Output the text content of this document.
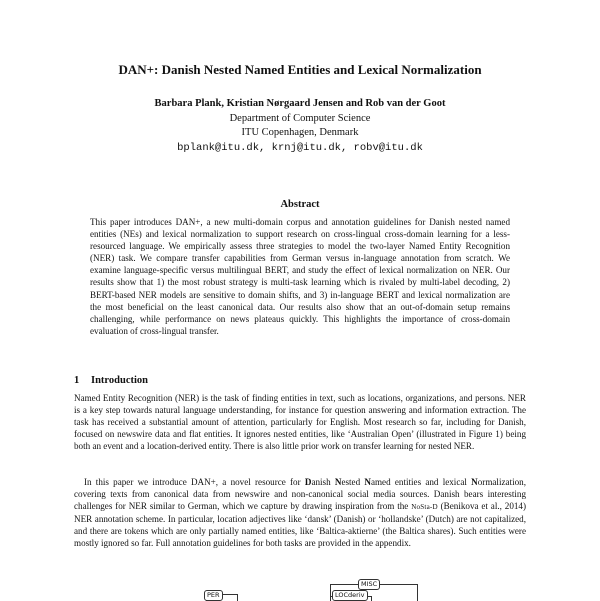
DAN+: Danish Nested Named Entities and Lexical Normalization
Barbara Plank, Kristian Nørgaard Jensen and Rob van der Goot
Department of Computer Science
ITU Copenhagen, Denmark
bplank@itu.dk, krnj@itu.dk, robv@itu.dk
Abstract
This paper introduces DAN+, a new multi-domain corpus and annotation guidelines for Danish nested named entities (NEs) and lexical normalization to support research on cross-lingual cross-domain learning for a less-resourced language. We empirically assess three strategies to model the two-layer Named Entity Recognition (NER) task. We compare transfer capabilities from German versus in-language annotation from scratch. We examine language-specific versus multilingual BERT, and study the effect of lexical normalization on NER. Our results show that 1) the most robust strategy is multi-task learning which is rivaled by multi-label decoding, 2) BERT-based NER models are sensitive to domain shifts, and 3) in-language BERT and lexical normalization are the most beneficial on the least canonical data. Our results also show that an out-of-domain setup remains challenging, while performance on news plateaus quickly. This highlights the importance of cross-domain evaluation of cross-lingual transfer.
1 Introduction
Named Entity Recognition (NER) is the task of finding entities in text, such as locations, organizations, and persons. NER is a key step towards natural language understanding, for instance for question answering and information extraction. The task has received a substantial amount of attention, particularly for English. Most research so far, including for Danish, focused on newswire data and flat entities. It ignores nested entities, like ‘Australian Open’ (illustrated in Figure 1) being both an event and a location-derived entity. There is also little prior work on transfer learning for nested NER.
In this paper we introduce DAN+, a novel resource for Danish Nested Named entities and lexical Normalization, covering texts from canonical data from newswire and non-canonical social media sources. Danish bears interesting challenges for NER similar to German, which we capture by drawing inspiration from the NoSta-D (Benikova et al., 2014) NER annotation scheme. In particular, location adjectives like ‘dansk’ (Danish) or ‘hollandske’ (Dutch) are not capitalized, and there are tokens which are only partially named entities, like ‘Baltica-aktierne’ (the Baltica shares). Such entities were mostly ignored so far. Full annotation guidelines for both tasks are provided in the appendix.
PER
MISC
LOCderiv
